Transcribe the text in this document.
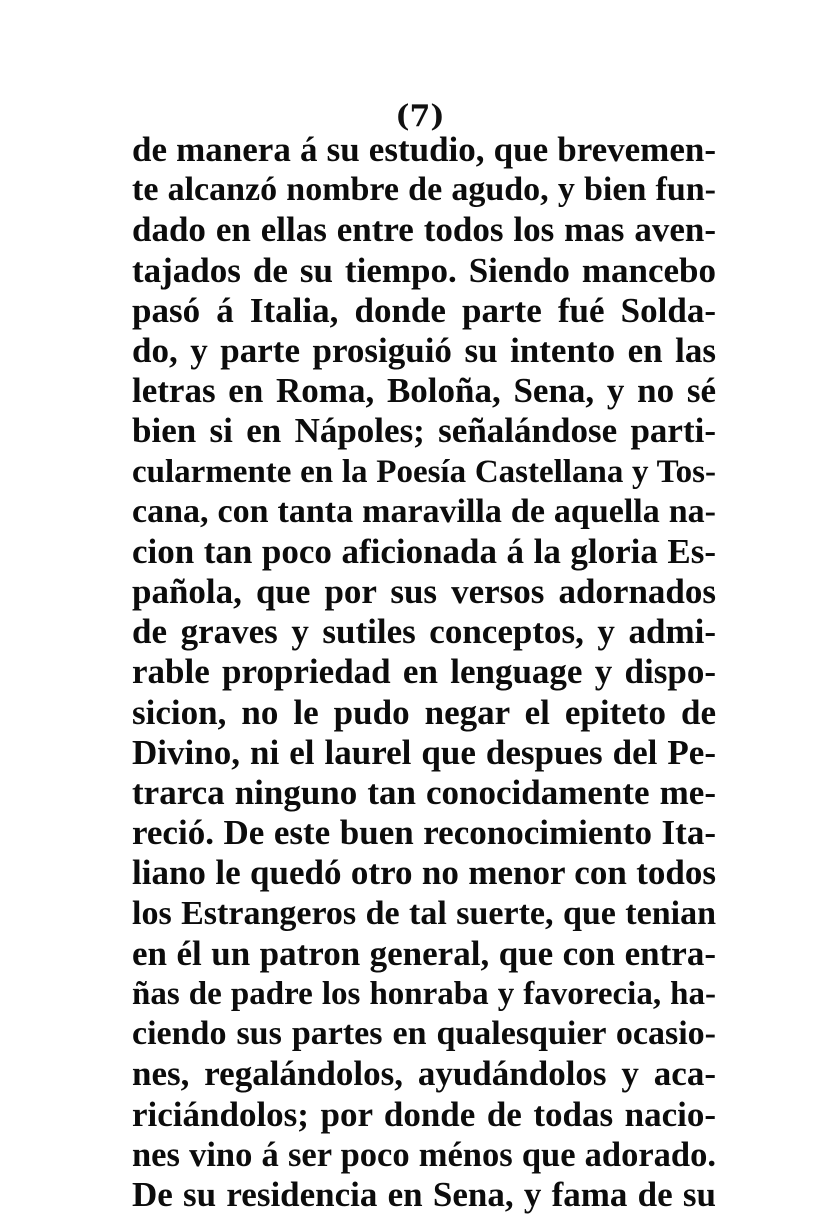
(7)
de manera á su estudio, que brevemen-
te alcanzó nombre de agudo, y bien fun-
dado en ellas entre todos los mas aven-
tajados de su tiempo. Siendo mancebo
pasó á Italia, donde parte fué Solda-
do, y parte prosiguió su intento en las
letras en Roma, Boloña, Sena, y no sé
bien si en Nápoles; señalándose parti-
cularmente en la Poesía Castellana y Tos-
cana, con tanta maravilla de aquella na-
cion tan poco aficionada á la gloria Es-
pañola, que por sus versos adornados
de graves y sutiles conceptos, y admi-
rable propriedad en lenguage y dispo-
sicion, no le pudo negar el epiteto de
Divino, ni el laurel que despues del Pe-
trarca ninguno tan conocidamente me-
reció. De este buen reconocimiento Ita-
liano le quedó otro no menor con todos
los Estrangeros de tal suerte, que tenian
en él un patron general, que con entra-
ñas de padre los honraba y favorecia, ha-
ciendo sus partes en qualesquier ocasio-
nes, regalándolos, ayudándolos y aca-
riciándolos; por donde de todas nacio-
nes vino á ser poco ménos que adorado.
De su residencia en Sena, y fama de su
